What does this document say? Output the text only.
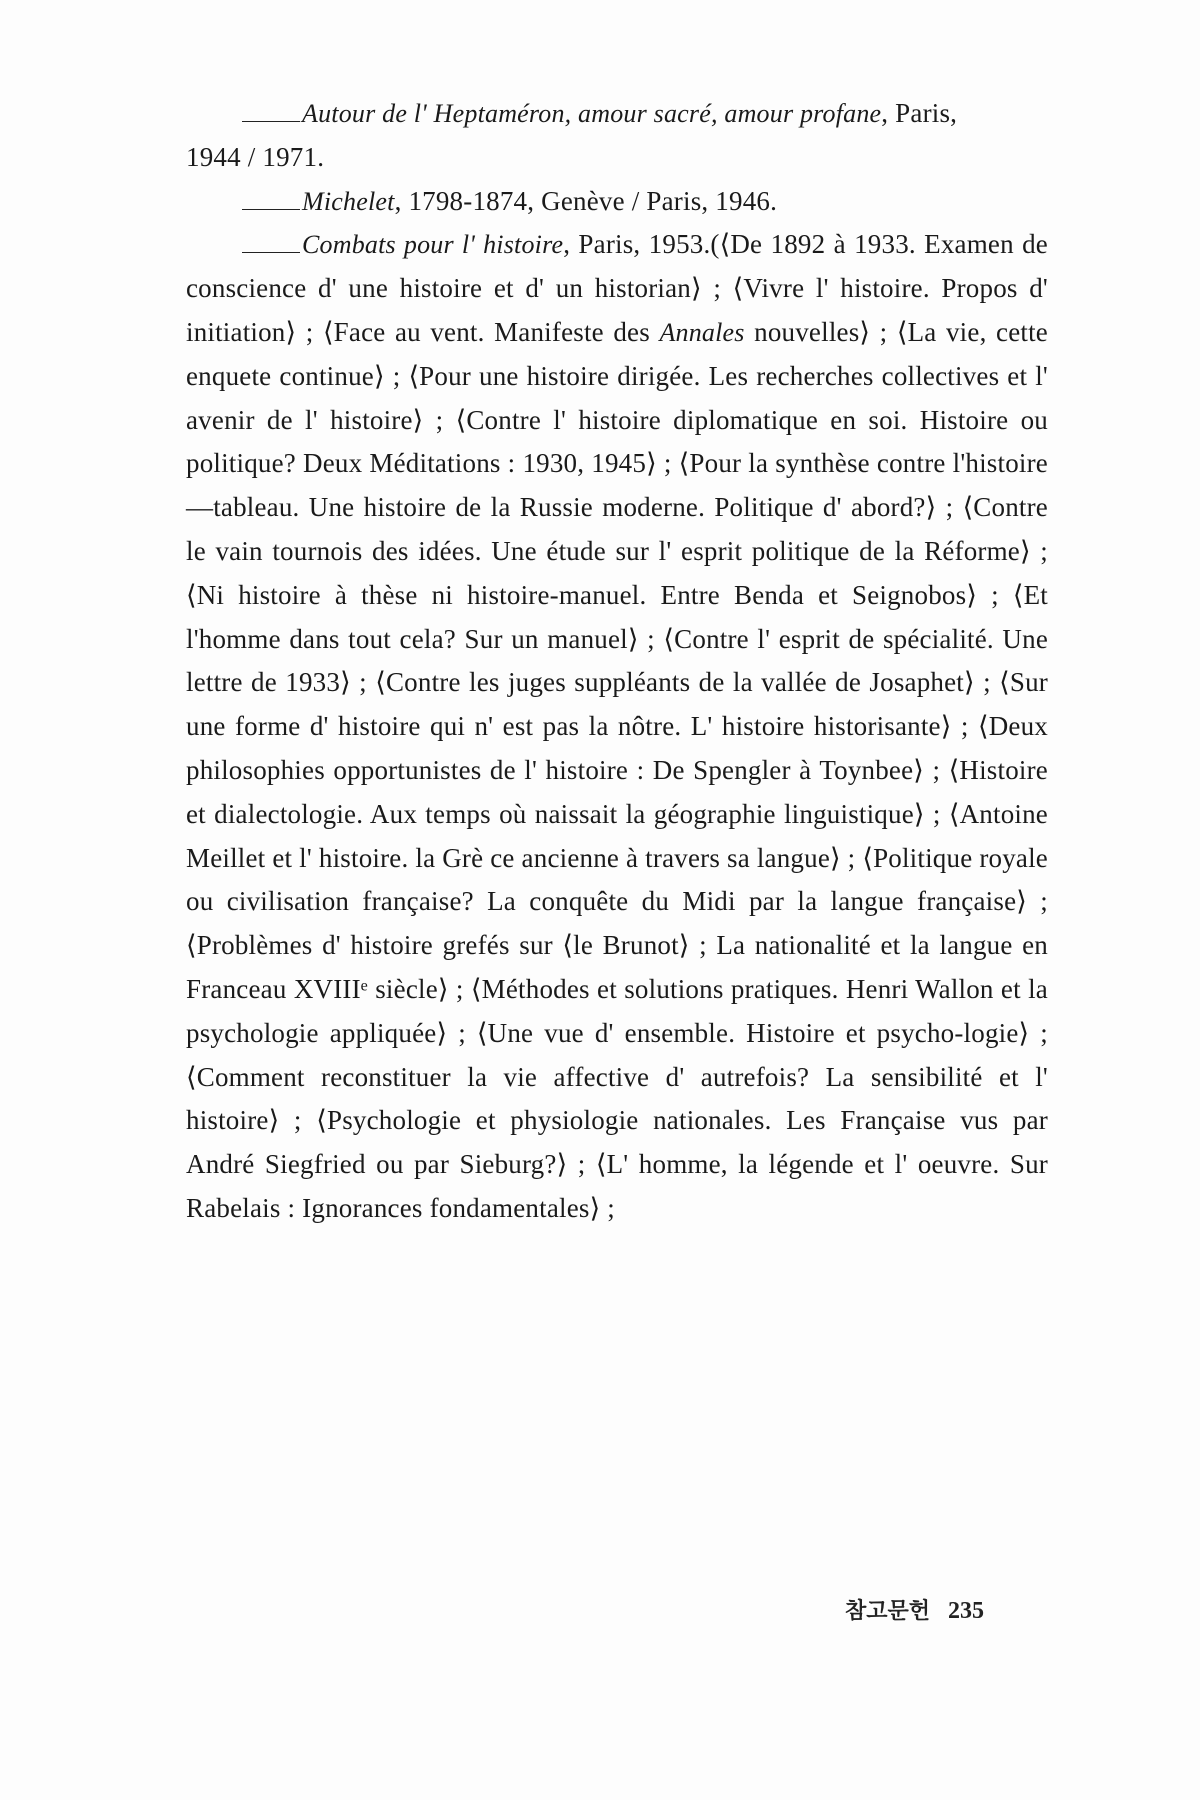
Autour de l' Heptaméron, amour sacré, amour profane, Paris,

1944 / 1971.

Michelet, 1798-1874, Genève / Paris, 1946.

Combats pour l' histoire, Paris, 1953.(⟨De 1892 à 1933. Examen de conscience d' une histoire et d' un historian⟩ ; ⟨Vivre l' histoire. Propos d' initiation⟩ ; ⟨Face au vent. Manifeste des Annales nouvelles⟩ ; ⟨La vie, cette enquete continue⟩ ; ⟨Pour une histoire dirigée. Les recherches collectives et l' avenir de l' histoire⟩ ; ⟨Contre l' histoire diplomatique en soi. Histoire ou politique? Deux Méditations : 1930, 1945⟩ ; ⟨Pour la synthèse contre l'histoire—tableau. Une histoire de la Russie moderne. Politique d' abord?⟩ ; ⟨Contre le vain tournois des idées. Une étude sur l' esprit politique de la Réforme⟩ ; ⟨Ni histoire à thèse ni histoire-manuel. Entre Benda et Seignobos⟩ ; ⟨Et l'homme dans tout cela? Sur un manuel⟩ ; ⟨Contre l' esprit de spécialité. Une lettre de 1933⟩ ; ⟨Contre les juges suppléants de la vallée de Josaphet⟩ ; ⟨Sur une forme d' histoire qui n' est pas la nôtre. L' histoire historisante⟩ ; ⟨Deux philosophies opportunistes de l' histoire : De Spengler à Toynbee⟩ ; ⟨Histoire et dialectologie. Aux temps où naissait la géographie linguistique⟩ ; ⟨Antoine Meillet et l' histoire. la Grè ce ancienne à travers sa langue⟩ ; ⟨Politique royale ou civilisation française? La conquête du Midi par la langue française⟩ ; ⟨Problèmes d' histoire grefés sur ⟨le Brunot⟩ ; La nationalité et la langue en Franceau XVIIIᵉ siècle⟩ ; ⟨Méthodes et solutions pratiques. Henri Wallon et la psychologie appliquée⟩ ; ⟨Une vue d' ensemble. Histoire et psycho-logie⟩ ; ⟨Comment reconstituer la vie affective d' autrefois? La sensibilité et l' histoire⟩ ; ⟨Psychologie et physiologie nationales. Les Française vus par André Siegfried ou par Sieburg?⟩ ; ⟨L' homme, la légende et l' oeuvre. Sur Rabelais : Ignorances fondamentales⟩ ;

참고문헌 235
